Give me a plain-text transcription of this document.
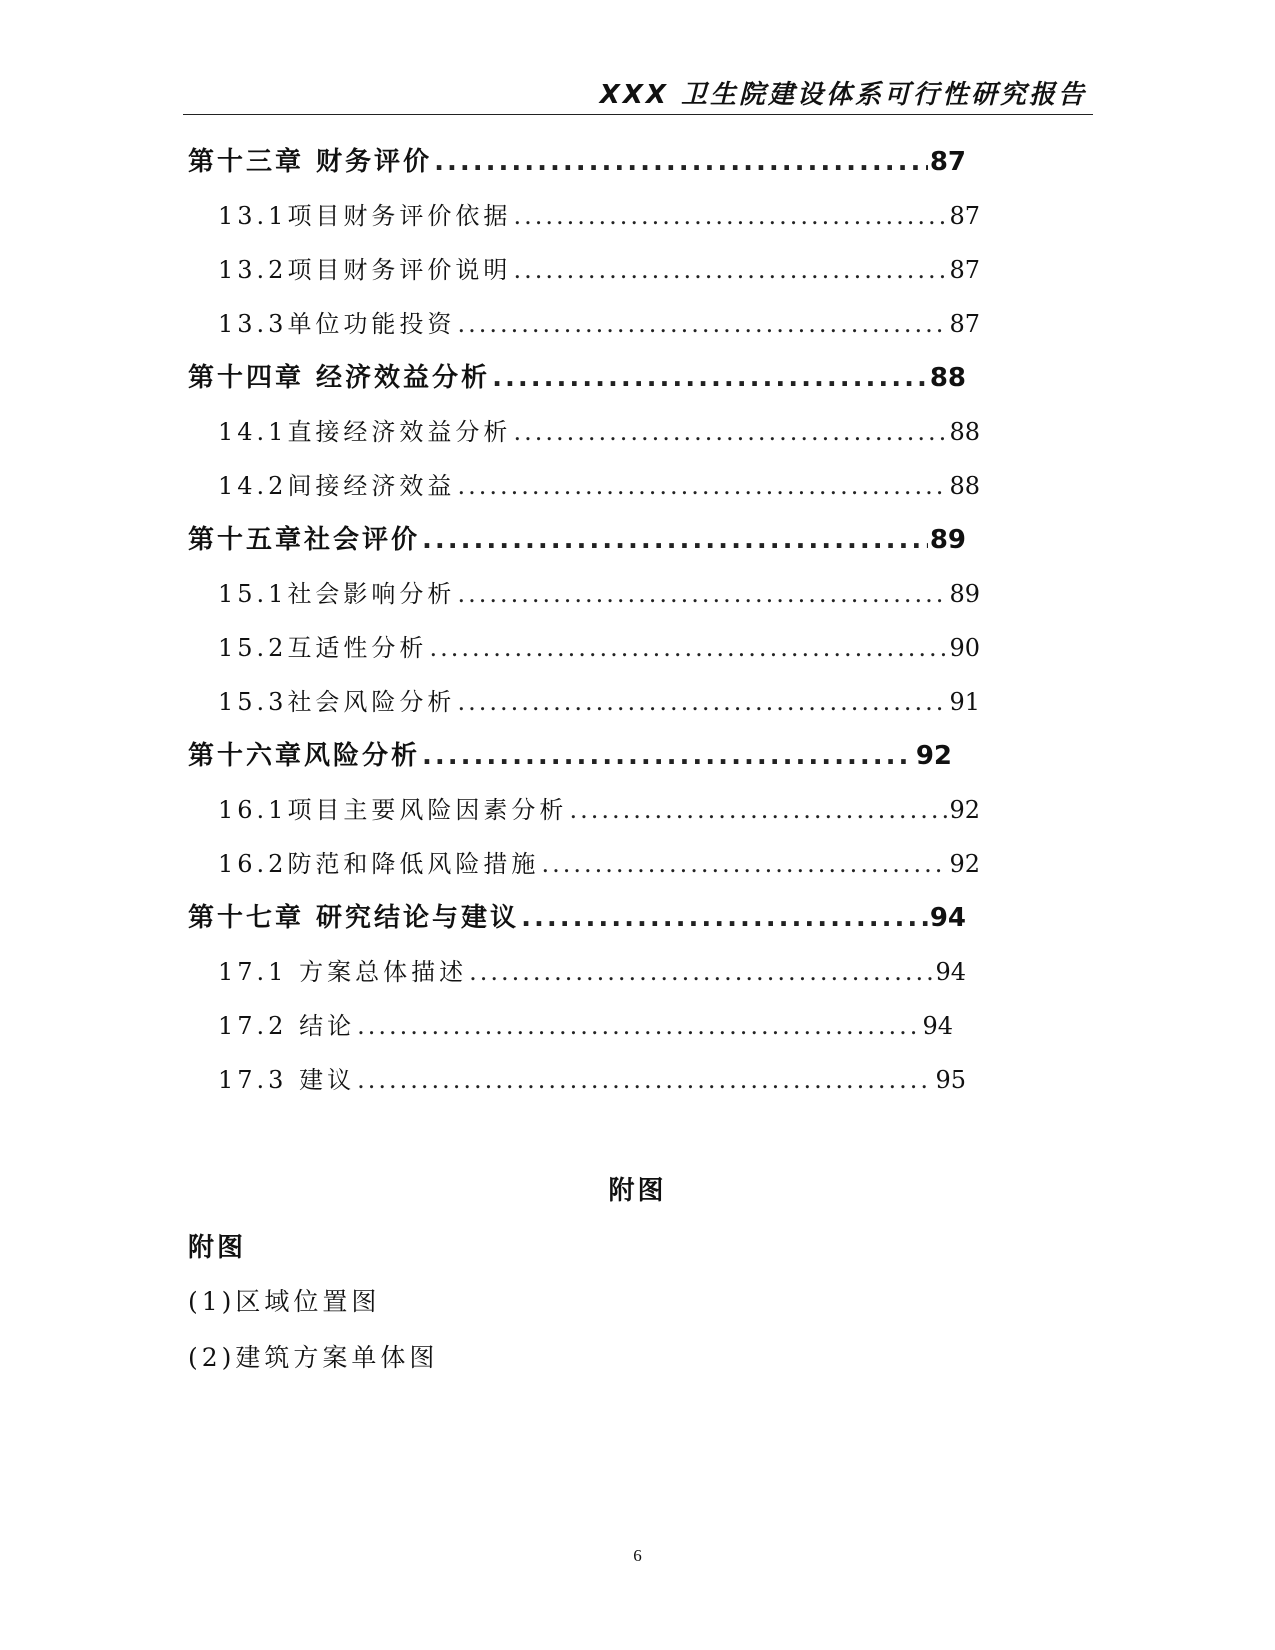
XXX 卫生院建设体系可行性研究报告
第十三章 财务评价 .....	87
13.1项目财务评价依据 .....	87
13.2项目财务评价说明 .....	87
13.3单位功能投资 .....	87
第十四章 经济效益分析 .....	88
14.1直接经济效益分析 .....	88
14.2间接经济效益 .....	88
第十五章社会评价 .....	89
15.1社会影响分析 .....	89
15.2互适性分析 .....	90
15.3社会风险分析 .....	91
第十六章风险分析 .....	92
16.1项目主要风险因素分析 .....	92
16.2防范和降低风险措施 .....	92
第十七章 研究结论与建议 .....	94
17.1 方案总体描述 .....	94
17.2 结论 .....	94
17.3 建议 .....	95
附图
附图
(1)区域位置图
(2)建筑方案单体图
6
